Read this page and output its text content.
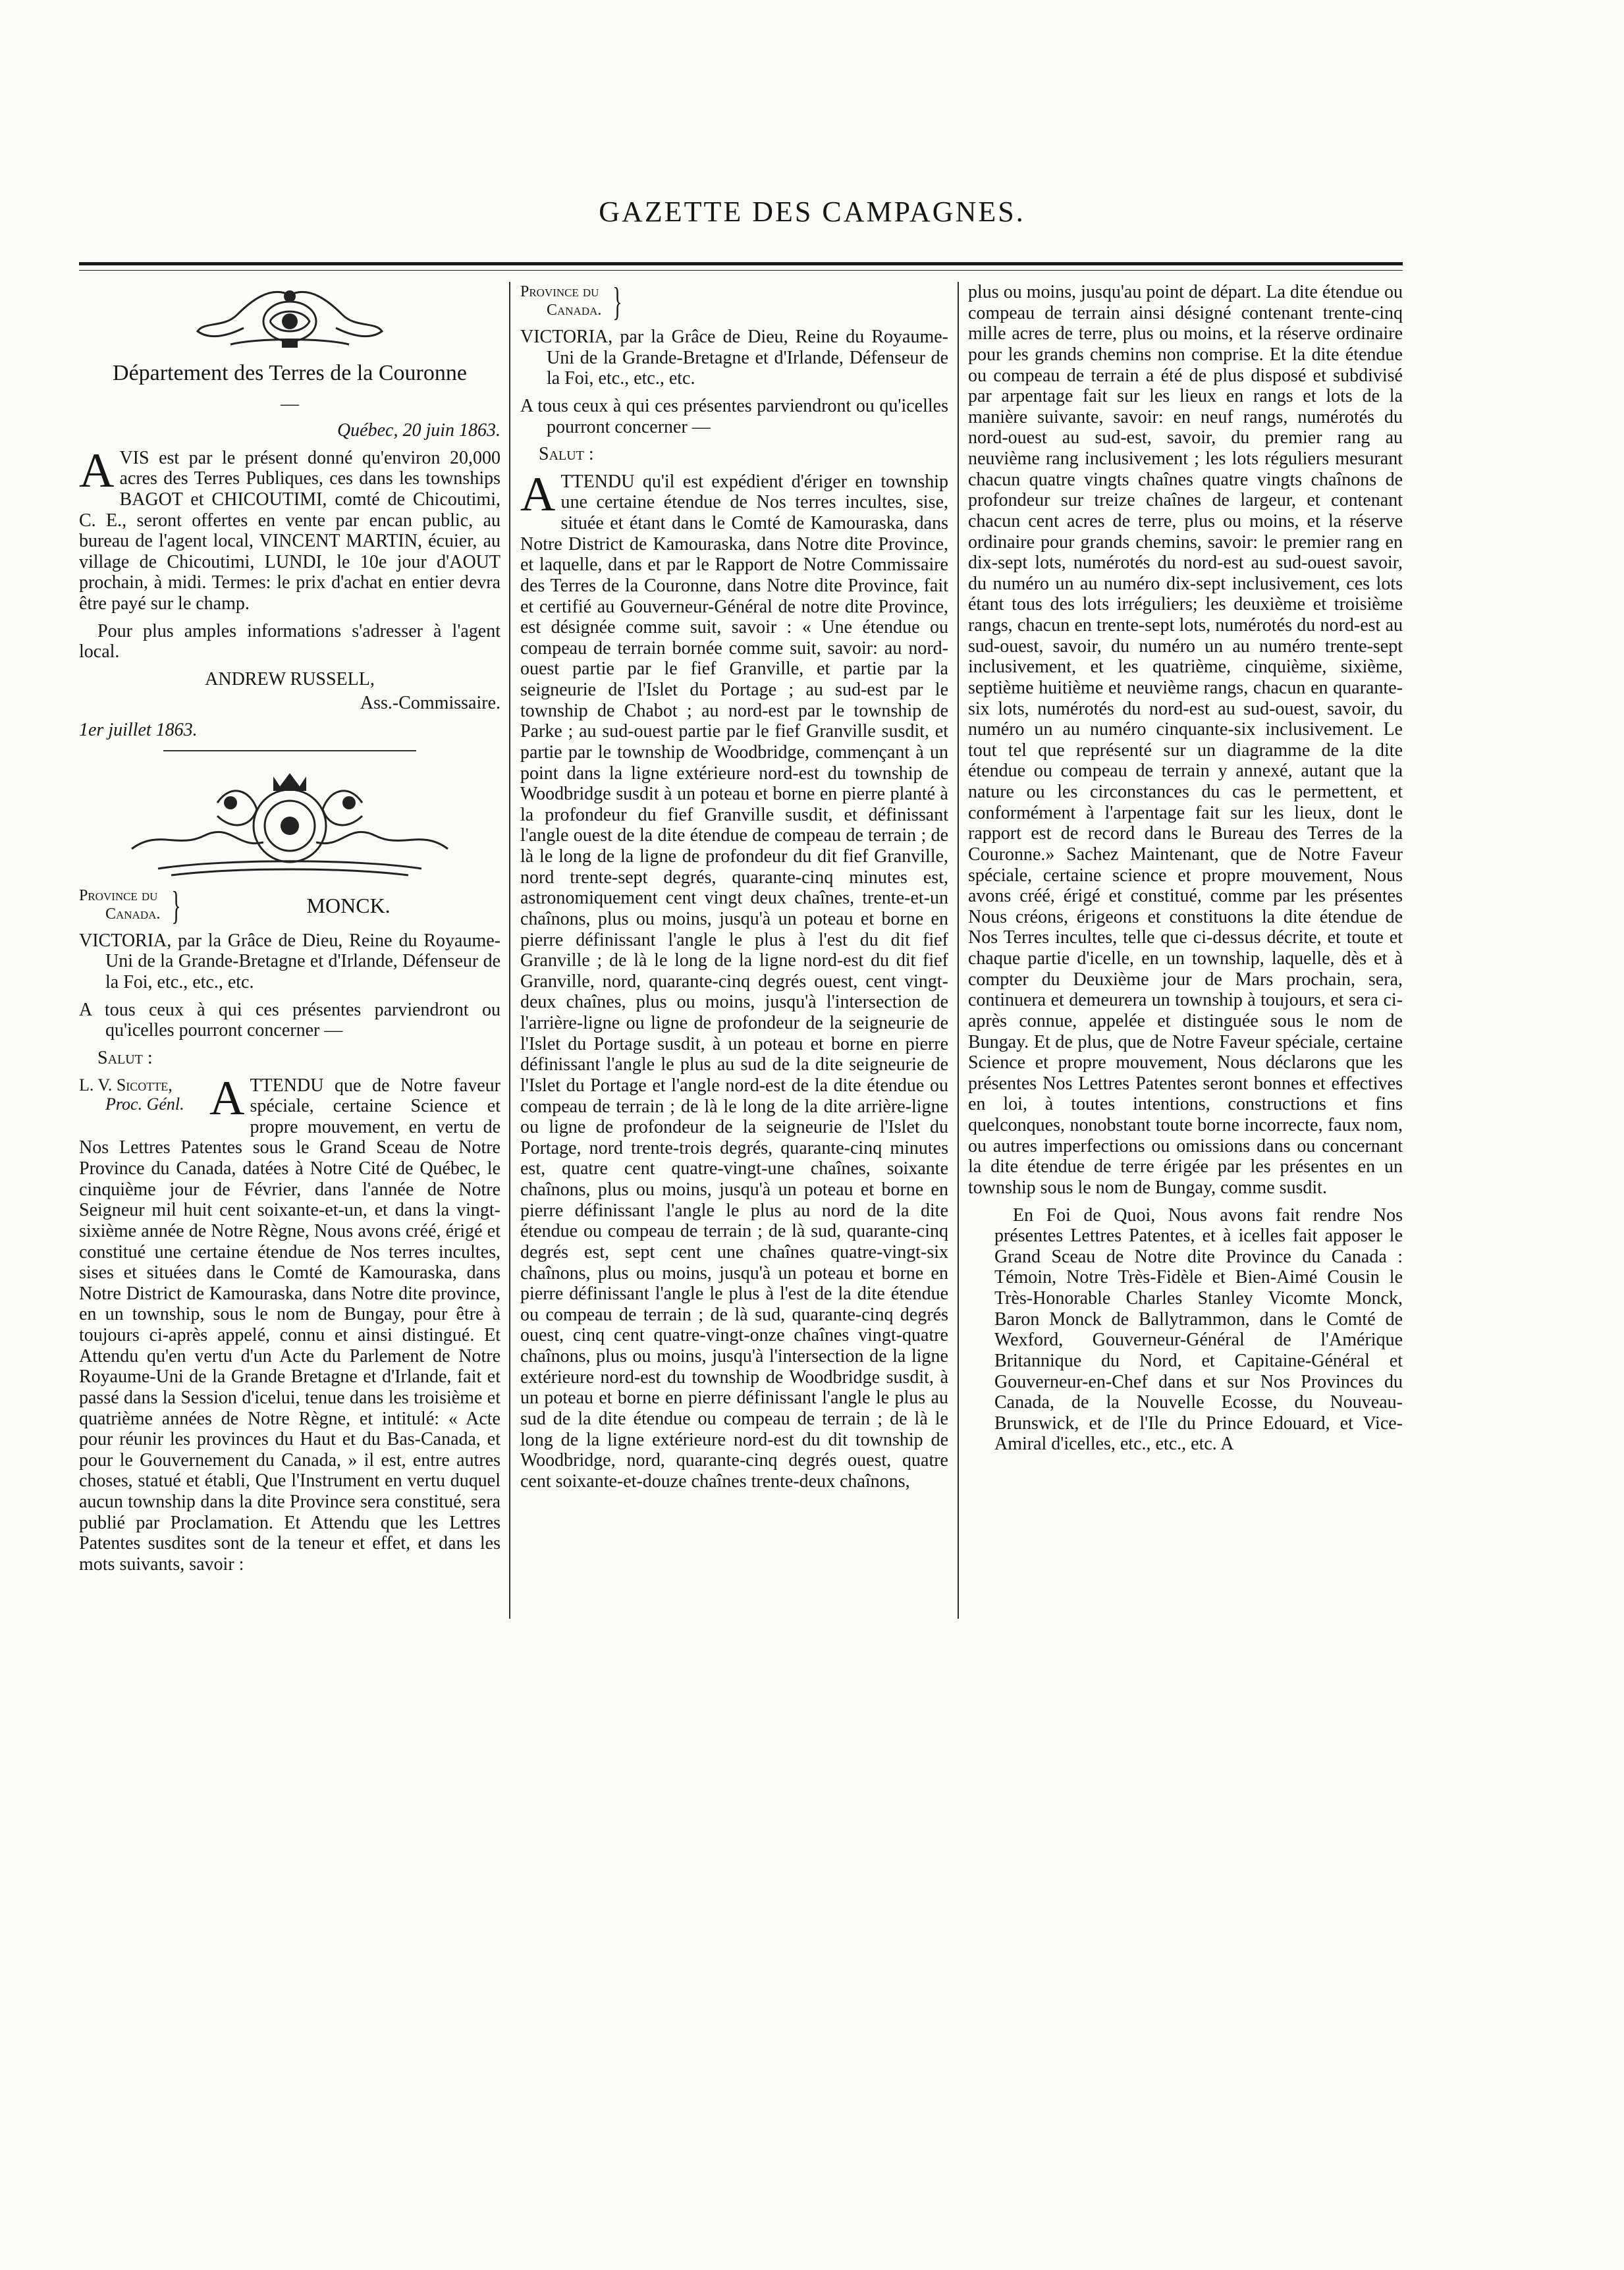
GAZETTE DES CAMPAGNES.

Département des Terres de la Couronne

—

Québec, 20 juin 1863.

AVIS est par le présent donné qu'environ 20,000 acres des Terres Publiques, ces dans les townships BAGOT et CHICOUTIMI, comté de Chicoutimi, C. E., seront offertes en vente par encan public, au bureau de l'agent local, VINCENT MARTIN, écuier, au village de Chicoutimi, LUNDI, le 10e jour d'AOUT prochain, à midi. Termes: le prix d'achat en entier devra être payé sur le champ.

Pour plus amples informations s'adresser à l'agent local.

ANDREW RUSSELL,

Ass.-Commissaire.

1er juillet 1863.

Province du
Canada. }	MONCK.

VICTORIA, par la Grâce de Dieu, Reine du Royaume-Uni de la Grande-Bretagne et d'Irlande, Défenseur de la Foi, etc., etc., etc.

A tous ceux à qui ces présentes parviendront ou qu'icelles pourront concerner —

Salut :

L. V. Sicotte,
Proc. Génl. A TTENDU que de Notre faveur spéciale, certaine Science et propre mouvement, en vertu de Nos Lettres Patentes sous le Grand Sceau de Notre Province du Canada, datées à Notre Cité de Québec, le cinquième jour de Février, dans l'année de Notre Seigneur mil huit cent soixante-et-un, et dans la vingt-sixième année de Notre Règne, Nous avons créé, érigé et constitué une certaine étendue de Nos terres incultes, sises et situées dans le Comté de Kamouraska, dans Notre District de Kamouraska, dans Notre dite province, en un township, sous le nom de Bungay, pour être à toujours ci-après appelé, connu et ainsi distingué. Et Attendu qu'en vertu d'un Acte du Parlement de Notre Royaume-Uni de la Grande Bretagne et d'Irlande, fait et passé dans la Session d'icelui, tenue dans les troisième et quatrième années de Notre Règne, et intitulé: « Acte pour réunir les provinces du Haut et du Bas-Canada, et pour le Gouvernement du Canada, » il est, entre autres choses, statué et établi, Que l'Instrument en vertu duquel aucun township dans la dite Province sera constitué, sera publié par Proclamation. Et Attendu que les Lettres Patentes susdites sont de la teneur et effet, et dans les mots suivants, savoir :

Province du
Canada. }

VICTORIA, par la Grâce de Dieu, Reine du Royaume-Uni de la Grande-Bretagne et d'Irlande, Défenseur de la Foi, etc., etc., etc.

A tous ceux à qui ces présentes parviendront ou qu'icelles pourront concerner —

Salut :

ATTENDU qu'il est expédient d'ériger en township une certaine étendue de Nos terres incultes, sise, située et étant dans le Comté de Kamouraska, dans Notre District de Kamouraska, dans Notre dite Province, et laquelle, dans et par le Rapport de Notre Commissaire des Terres de la Couronne, dans Notre dite Province, fait et certifié au Gouverneur-Général de notre dite Province, est désignée comme suit, savoir : « Une étendue ou compeau de terrain bornée comme suit, savoir: au nord-ouest partie par le fief Granville, et partie par la seigneurie de l'Islet du Portage ; au sud-est par le township de Chabot ; au nord-est par le township de Parke ; au sud-ouest partie par le fief Granville susdit, et partie par le township de Woodbridge, commençant à un point dans la ligne extérieure nord-est du township de Woodbridge susdit à un poteau et borne en pierre planté à la profondeur du fief Granville susdit, et définissant l'angle ouest de la dite étendue de compeau de terrain ; de là le long de la ligne de profondeur du dit fief Granville, nord trente-sept degrés, quarante-cinq minutes est, astronomiquement cent vingt deux chaînes, trente-et-un chaînons, plus ou moins, jusqu'à un poteau et borne en pierre définissant l'angle le plus à l'est du dit fief Granville ; de là le long de la ligne nord-est du dit fief Granville, nord, quarante-cinq degrés ouest, cent vingt-deux chaînes, plus ou moins, jusqu'à l'intersection de l'arrière-ligne ou ligne de profondeur de la seigneurie de l'Islet du Portage susdit, à un poteau et borne en pierre définissant l'angle le plus au sud de la dite seigneurie de l'Islet du Portage et l'angle nord-est de la dite étendue ou compeau de terrain ; de là le long de la dite arrière-ligne ou ligne de profondeur de la seigneurie de l'Islet du Portage, nord trente-trois degrés, quarante-cinq minutes est, quatre cent quatre-vingt-une chaînes, soixante chaînons, plus ou moins, jusqu'à un poteau et borne en pierre définissant l'angle le plus au nord de la dite étendue ou compeau de terrain ; de là sud, quarante-cinq degrés est, sept cent une chaînes quatre-vingt-six chaînons, plus ou moins, jusqu'à un poteau et borne en pierre définissant l'angle le plus à l'est de la dite étendue ou compeau de terrain ; de là sud, quarante-cinq degrés ouest, cinq cent quatre-vingt-onze chaînes vingt-quatre chaînons, plus ou moins, jusqu'à l'intersection de la ligne extérieure nord-est du township de Woodbridge susdit, à un poteau et borne en pierre définissant l'angle le plus au sud de la dite étendue ou compeau de terrain ; de là le long de la ligne extérieure nord-est du dit township de Woodbridge, nord, quarante-cinq degrés ouest, quatre cent soixante-et-douze chaînes trente-deux chaînons,

plus ou moins, jusqu'au point de départ. La dite étendue ou compeau de terrain ainsi désigné contenant trente-cinq mille acres de terre, plus ou moins, et la réserve ordinaire pour les grands chemins non comprise. Et la dite étendue ou compeau de terrain a été de plus disposé et subdivisé par arpentage fait sur les lieux en rangs et lots de la manière suivante, savoir: en neuf rangs, numérotés du nord-ouest au sud-est, savoir, du premier rang au neuvième rang inclusivement ; les lots réguliers mesurant chacun quatre vingts chaînes quatre vingts chaînons de profondeur sur treize chaînes de largeur, et contenant chacun cent acres de terre, plus ou moins, et la réserve ordinaire pour grands chemins, savoir: le premier rang en dix-sept lots, numérotés du nord-est au sud-ouest savoir, du numéro un au numéro dix-sept inclusivement, ces lots étant tous des lots irréguliers; les deuxième et troisième rangs, chacun en trente-sept lots, numérotés du nord-est au sud-ouest, savoir, du numéro un au numéro trente-sept inclusivement, et les quatrième, cinquième, sixième, septième huitième et neuvième rangs, chacun en quarante-six lots, numérotés du nord-est au sud-ouest, savoir, du numéro un au numéro cinquante-six inclusivement. Le tout tel que représenté sur un diagramme de la dite étendue ou compeau de terrain y annexé, autant que la nature ou les circonstances du cas le permettent, et conformément à l'arpentage fait sur les lieux, dont le rapport est de record dans le Bureau des Terres de la Couronne.» Sachez Maintenant, que de Notre Faveur spéciale, certaine science et propre mouvement, Nous avons créé, érigé et constitué, comme par les présentes Nous créons, érigeons et constituons la dite étendue de Nos Terres incultes, telle que ci-dessus décrite, et toute et chaque partie d'icelle, en un township, laquelle, dès et à compter du Deuxième jour de Mars prochain, sera, continuera et demeurera un township à toujours, et sera ci-après connue, appelée et distinguée sous le nom de Bungay. Et de plus, que de Notre Faveur spéciale, certaine Science et propre mouvement, Nous déclarons que les présentes Nos Lettres Patentes seront bonnes et effectives en loi, à toutes intentions, constructions et fins quelconques, nonobstant toute borne incorrecte, faux nom, ou autres imperfections ou omissions dans ou concernant la dite étendue de terre érigée par les présentes en un township sous le nom de Bungay, comme susdit.

En Foi de Quoi, Nous avons fait rendre Nos présentes Lettres Patentes, et à icelles fait apposer le Grand Sceau de Notre dite Province du Canada : Témoin, Notre Très-Fidèle et Bien-Aimé Cousin le Très-Honorable Charles Stanley Vicomte Monck, Baron Monck de Ballytrammon, dans le Comté de Wexford, Gouverneur-Général de l'Amérique Britannique du Nord, et Capitaine-Général et Gouverneur-en-Chef dans et sur Nos Provinces du Canada, de la Nouvelle Ecosse, du Nouveau-Brunswick, et de l'Ile du Prince Edouard, et Vice-Amiral d'icelles, etc., etc., etc. A
